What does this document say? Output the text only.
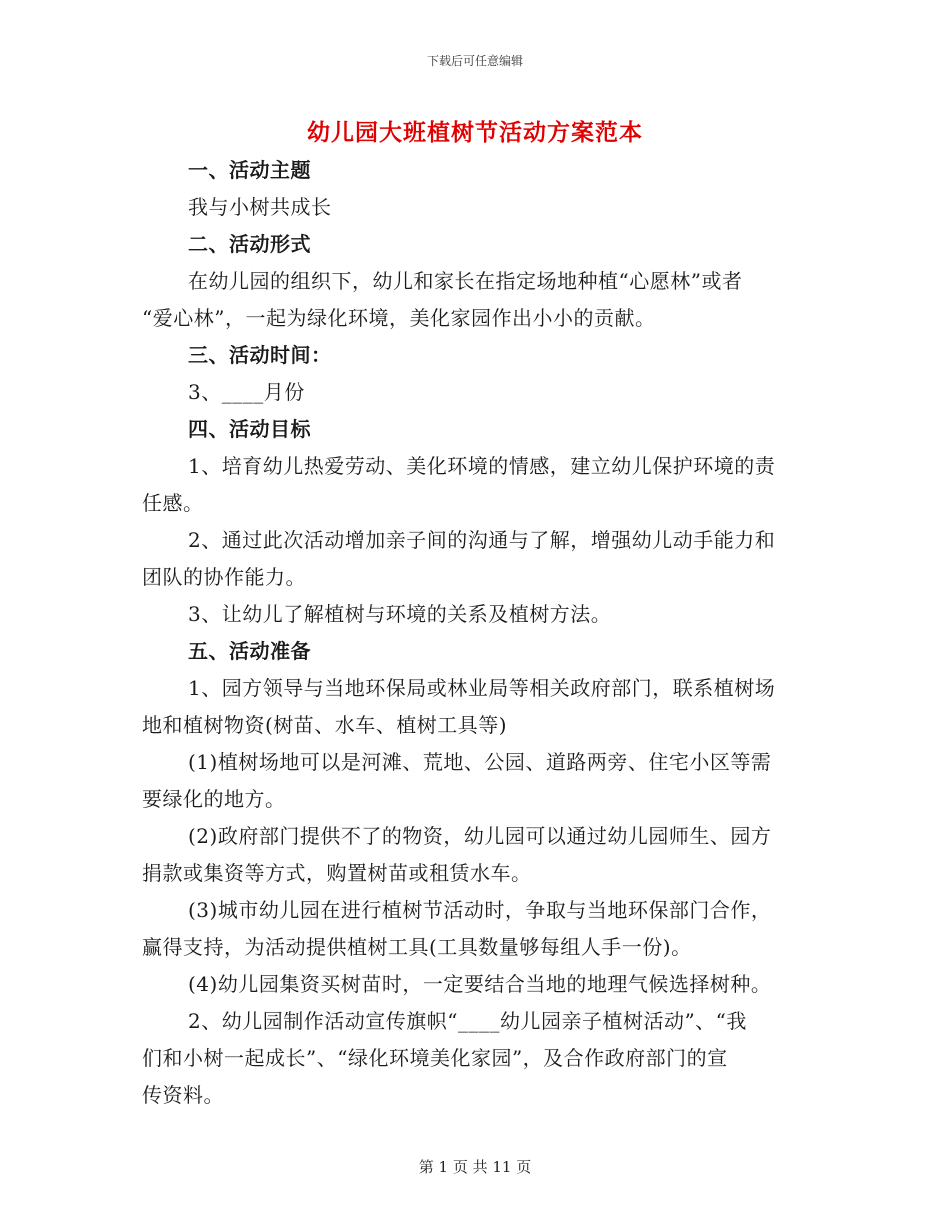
下载后可任意编辑
幼儿园大班植树节活动方案范本
一、活动主题
我与小树共成长
二、活动形式
在幼儿园的组织下，幼儿和家长在指定场地种植“心愿林”或者
“爱心林”，一起为绿化环境，美化家园作出小小的贡献。
三、活动时间：
3、____月份
四、活动目标
1、培育幼儿热爱劳动、美化环境的情感，建立幼儿保护环境的责
任感。
2、通过此次活动增加亲子间的沟通与了解，增强幼儿动手能力和
团队的协作能力。
3、让幼儿了解植树与环境的关系及植树方法。
五、活动准备
1、园方领导与当地环保局或林业局等相关政府部门，联系植树场
地和植树物资(树苗、水车、植树工具等)
(1)植树场地可以是河滩、荒地、公园、道路两旁、住宅小区等需
要绿化的地方。
(2)政府部门提供不了的物资，幼儿园可以通过幼儿园师生、园方
捐款或集资等方式，购置树苗或租赁水车。
(3)城市幼儿园在进行植树节活动时，争取与当地环保部门合作，
赢得支持，为活动提供植树工具(工具数量够每组人手一份)。
(4)幼儿园集资买树苗时，一定要结合当地的地理气候选择树种。
2、幼儿园制作活动宣传旗帜“____幼儿园亲子植树活动”、“我
们和小树一起成长”、“绿化环境美化家园”，及合作政府部门的宣
传资料。
第 1 页 共 11 页
